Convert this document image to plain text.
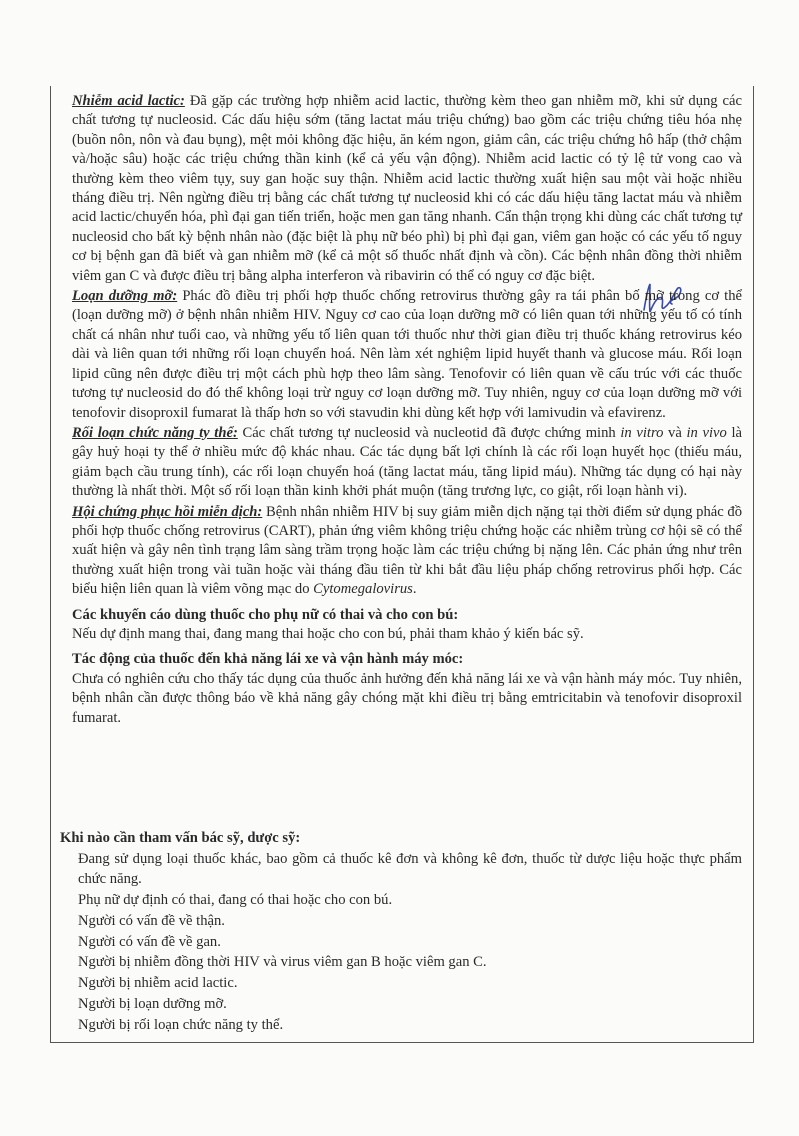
Nhiễm acid lactic: Đã gặp các trường hợp nhiễm acid lactic, thường kèm theo gan nhiễm mỡ, khi sử dụng các chất tương tự nucleosid. Các dấu hiệu sớm (tăng lactat máu triệu chứng) bao gồm các triệu chứng tiêu hóa nhẹ (buồn nôn, nôn và đau bụng), mệt mỏi không đặc hiệu, ăn kém ngon, giảm cân, các triệu chứng hô hấp (thở chậm và/hoặc sâu) hoặc các triệu chứng thần kinh (kể cả yếu vận động). Nhiễm acid lactic có tỷ lệ tử vong cao và thường kèm theo viêm tụy, suy gan hoặc suy thận. Nhiễm acid lactic thường xuất hiện sau một vài hoặc nhiều tháng điều trị. Nên ngừng điều trị bằng các chất tương tự nucleosid khi có các dấu hiệu tăng lactat máu và nhiễm acid lactic/chuyển hóa, phì đại gan tiến triển, hoặc men gan tăng nhanh. Cẩn thận trọng khi dùng các chất tương tự nucleosid cho bất kỳ bệnh nhân nào (đặc biệt là phụ nữ béo phì) bị phì đại gan, viêm gan hoặc có các yếu tố nguy cơ bị bệnh gan đã biết và gan nhiễm mỡ (kể cả một số thuốc nhất định và cồn). Các bệnh nhân đồng thời nhiễm viêm gan C và được điều trị bằng alpha interferon và ribavirin có thể có nguy cơ đặc biệt.

Loạn dưỡng mỡ: Phác đồ điều trị phối hợp thuốc chống retrovirus thường gây ra tái phân bố mỡ trong cơ thể (loạn dưỡng mỡ) ở bệnh nhân nhiễm HIV. Nguy cơ cao của loạn dưỡng mỡ có liên quan tới những yếu tố có tính chất cá nhân như tuổi cao, và những yếu tố liên quan tới thuốc như thời gian điều trị thuốc kháng retrovirus kéo dài và liên quan tới những rối loạn chuyển hoá. Nên làm xét nghiệm lipid huyết thanh và glucose máu. Rối loạn lipid cũng nên được điều trị một cách phù hợp theo lâm sàng. Tenofovir có liên quan về cấu trúc với các thuốc tương tự nucleosid do đó thể không loại trừ nguy cơ loạn dưỡng mỡ. Tuy nhiên, nguy cơ của loạn dưỡng mỡ với tenofovir disoproxil fumarat là thấp hơn so với stavudin khi dùng kết hợp với lamivudin và efavirenz.

Rối loạn chức năng ty thể: Các chất tương tự nucleosid và nucleotid đã được chứng minh in vitro và in vivo là gây huỷ hoại ty thể ở nhiều mức độ khác nhau. Các tác dụng bất lợi chính là các rối loạn huyết học (thiếu máu, giảm bạch cầu trung tính), các rối loạn chuyển hoá (tăng lactat máu, tăng lipid máu). Những tác dụng có hại này thường là nhất thời. Một số rối loạn thần kinh khởi phát muộn (tăng trương lực, co giật, rối loạn hành vi).

Hội chứng phục hồi miễn dịch: Bệnh nhân nhiễm HIV bị suy giảm miễn dịch nặng tại thời điểm sử dụng phác đồ phối hợp thuốc chống retrovirus (CART), phản ứng viêm không triệu chứng hoặc các nhiễm trùng cơ hội sẽ có thể xuất hiện và gây nên tình trạng lâm sàng trầm trọng hoặc làm các triệu chứng bị nặng lên. Các phản ứng như trên thường xuất hiện trong vài tuần hoặc vài tháng đầu tiên từ khi bắt đầu liệu pháp chống retrovirus phối hợp. Các biểu hiện liên quan là viêm võng mạc do Cytomegalovirus.

Các khuyến cáo dùng thuốc cho phụ nữ có thai và cho con bú:

Nếu dự định mang thai, đang mang thai hoặc cho con bú, phải tham khảo ý kiến bác sỹ.

Tác động của thuốc đến khả năng lái xe và vận hành máy móc:

Chưa có nghiên cứu cho thấy tác dụng của thuốc ảnh hưởng đến khả năng lái xe và vận hành máy móc. Tuy nhiên, bệnh nhân cần được thông báo về khả năng gây chóng mặt khi điều trị bằng emtricitabin và tenofovir disoproxil fumarat.

Khi nào cần tham vấn bác sỹ, dược sỹ:

Đang sử dụng loại thuốc khác, bao gồm cả thuốc kê đơn và không kê đơn, thuốc từ dược liệu hoặc thực phẩm chức năng.

Phụ nữ dự định có thai, đang có thai hoặc cho con bú.

Người có vấn đề về thận.

Người có vấn đề về gan.

Người bị nhiễm đồng thời HIV và virus viêm gan B hoặc viêm gan C.

Người bị nhiễm acid lactic.

Người bị loạn dưỡng mỡ.

Người bị rối loạn chức năng ty thể.
